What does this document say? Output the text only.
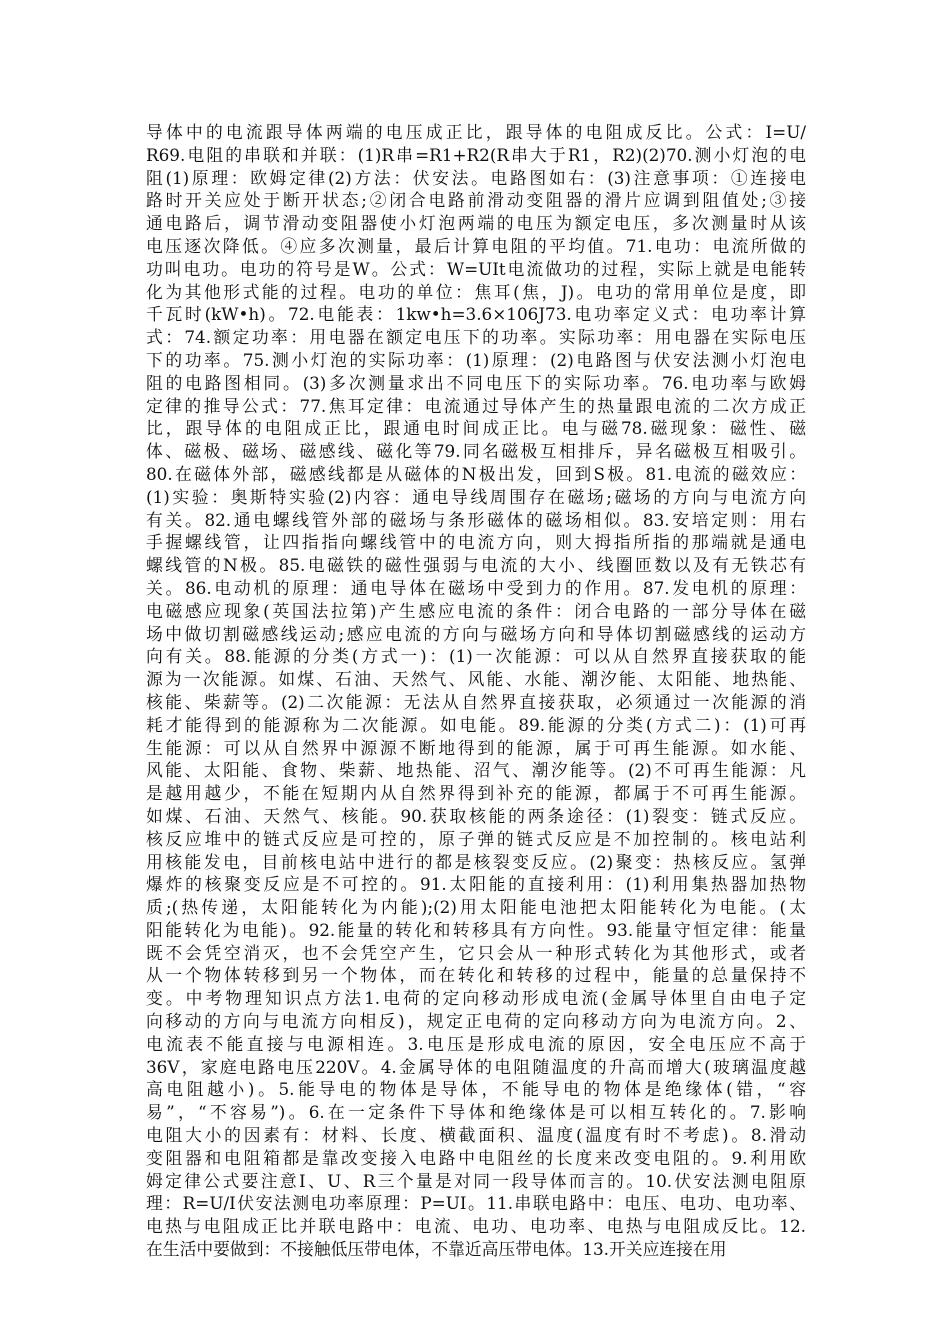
导体中的电流跟导体两端的电压成正比，跟导体的电阻成反比。公式：I=U/
R69.电阻的串联和并联：(1)R串=R1+R2(R串大于R1，R2)(2)70.测小灯泡的电
阻(1)原理：欧姆定律(2)方法：伏安法。电路图如右：(3)注意事项：①连接电
路时开关应处于断开状态;②闭合电路前滑动变阻器的滑片应调到阻值处;③接
通电路后，调节滑动变阻器使小灯泡两端的电压为额定电压，多次测量时从该
电压逐次降低。④应多次测量，最后计算电阻的平均值。71.电功：电流所做的
功叫电功。电功的符号是W。公式：W=UIt电流做功的过程，实际上就是电能转
化为其他形式能的过程。电功的单位：焦耳(焦，J)。电功的常用单位是度，即
千瓦时(kW•h)。72.电能表：1kw•h=3.6×106J73.电功率定义式：电功率计算
式：74.额定功率：用电器在额定电压下的功率。实际功率：用电器在实际电压
下的功率。75.测小灯泡的实际功率：(1)原理：(2)电路图与伏安法测小灯泡电
阻的电路图相同。(3)多次测量求出不同电压下的实际功率。76.电功率与欧姆
定律的推导公式：77.焦耳定律：电流通过导体产生的热量跟电流的二次方成正
比，跟导体的电阻成正比，跟通电时间成正比。电与磁78.磁现象：磁性、磁
体、磁极、磁场、磁感线、磁化等79.同名磁极互相排斥，异名磁极互相吸引。
80.在磁体外部，磁感线都是从磁体的N极出发，回到S极。81.电流的磁效应：
(1)实验：奥斯特实验(2)内容：通电导线周围存在磁场;磁场的方向与电流方向
有关。82.通电螺线管外部的磁场与条形磁体的磁场相似。83.安培定则：用右
手握螺线管，让四指指向螺线管中的电流方向，则大拇指所指的那端就是通电
螺线管的N极。85.电磁铁的磁性强弱与电流的大小、线圈匝数以及有无铁芯有
关。86.电动机的原理：通电导体在磁场中受到力的作用。87.发电机的原理：
电磁感应现象(英国法拉第)产生感应电流的条件：闭合电路的一部分导体在磁
场中做切割磁感线运动;感应电流的方向与磁场方向和导体切割磁感线的运动方
向有关。88.能源的分类(方式一)：(1)一次能源：可以从自然界直接获取的能
源为一次能源。如煤、石油、天然气、风能、水能、潮汐能、太阳能、地热能、
核能、柴薪等。(2)二次能源：无法从自然界直接获取，必须通过一次能源的消
耗才能得到的能源称为二次能源。如电能。89.能源的分类(方式二)：(1)可再
生能源：可以从自然界中源源不断地得到的能源，属于可再生能源。如水能、
风能、太阳能、食物、柴薪、地热能、沼气、潮汐能等。(2)不可再生能源：凡
是越用越少，不能在短期内从自然界得到补充的能源，都属于不可再生能源。
如煤、石油、天然气、核能。90.获取核能的两条途径：(1)裂变：链式反应。
核反应堆中的链式反应是可控的，原子弹的链式反应是不加控制的。核电站利
用核能发电，目前核电站中进行的都是核裂变反应。(2)聚变：热核反应。氢弹
爆炸的核聚变反应是不可控的。91.太阳能的直接利用：(1)利用集热器加热物
质;(热传递，太阳能转化为内能);(2)用太阳能电池把太阳能转化为电能。(太
阳能转化为电能)。92.能量的转化和转移具有方向性。93.能量守恒定律：能量
既不会凭空消灭，也不会凭空产生，它只会从一种形式转化为其他形式，或者
从一个物体转移到另一个物体，而在转化和转移的过程中，能量的总量保持不
变。中考物理知识点方法1.电荷的定向移动形成电流(金属导体里自由电子定
向移动的方向与电流方向相反)，规定正电荷的定向移动方向为电流方向。2、
电流表不能直接与电源相连。3.电压是形成电流的原因，安全电压应不高于
36V，家庭电路电压220V。4.金属导体的电阻随温度的升高而增大(玻璃温度越
高电阻越小)。5.能导电的物体是导体，不能导电的物体是绝缘体(错，“容
易”，“不容易”)。6.在一定条件下导体和绝缘体是可以相互转化的。7.影响
电阻大小的因素有：材料、长度、横截面积、温度(温度有时不考虑)。8.滑动
变阻器和电阻箱都是靠改变接入电路中电阻丝的长度来改变电阻的。9.利用欧
姆定律公式要注意I、U、R三个量是对同一段导体而言的。10.伏安法测电阻原
理：R=U/I伏安法测电功率原理：P=UI。11.串联电路中：电压、电功、电功率、
电热与电阻成正比并联电路中：电流、电功、电功率、电热与电阻成反比。12.
在生活中要做到：不接触低压带电体，不靠近高压带电体。13.开关应连接在用
